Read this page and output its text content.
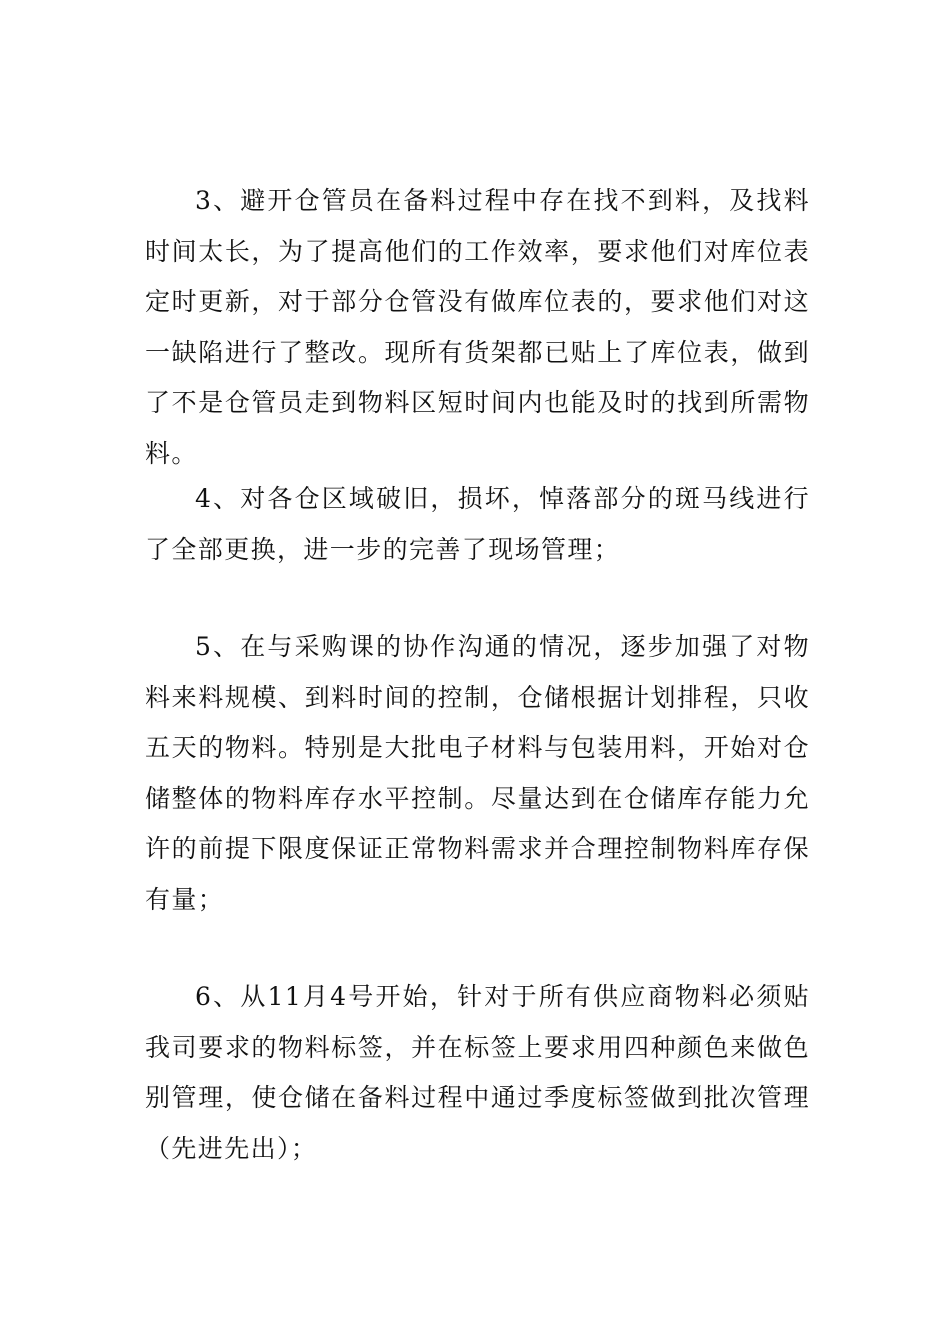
3、避开仓管员在备料过程中存在找不到料，及找料时间太长，为了提高他们的工作效率，要求他们对库位表定时更新，对于部分仓管没有做库位表的，要求他们对这一缺陷进行了整改。现所有货架都已贴上了库位表，做到了不是仓管员走到物料区短时间内也能及时的找到所需物料。

4、对各仓区域破旧，损坏，悼落部分的斑马线进行了全部更换，进一步的完善了现场管理；

5、在与采购课的协作沟通的情况，逐步加强了对物料来料规模、到料时间的控制，仓储根据计划排程，只收五天的物料。特别是大批电子材料与包装用料，开始对仓储整体的物料库存水平控制。尽量达到在仓储库存能力允许的前提下限度保证正常物料需求并合理控制物料库存保有量；

6、从11月4号开始，针对于所有供应商物料必须贴我司要求的物料标签，并在标签上要求用四种颜色来做色别管理，使仓储在备料过程中通过季度标签做到批次管理（先进先出）；
